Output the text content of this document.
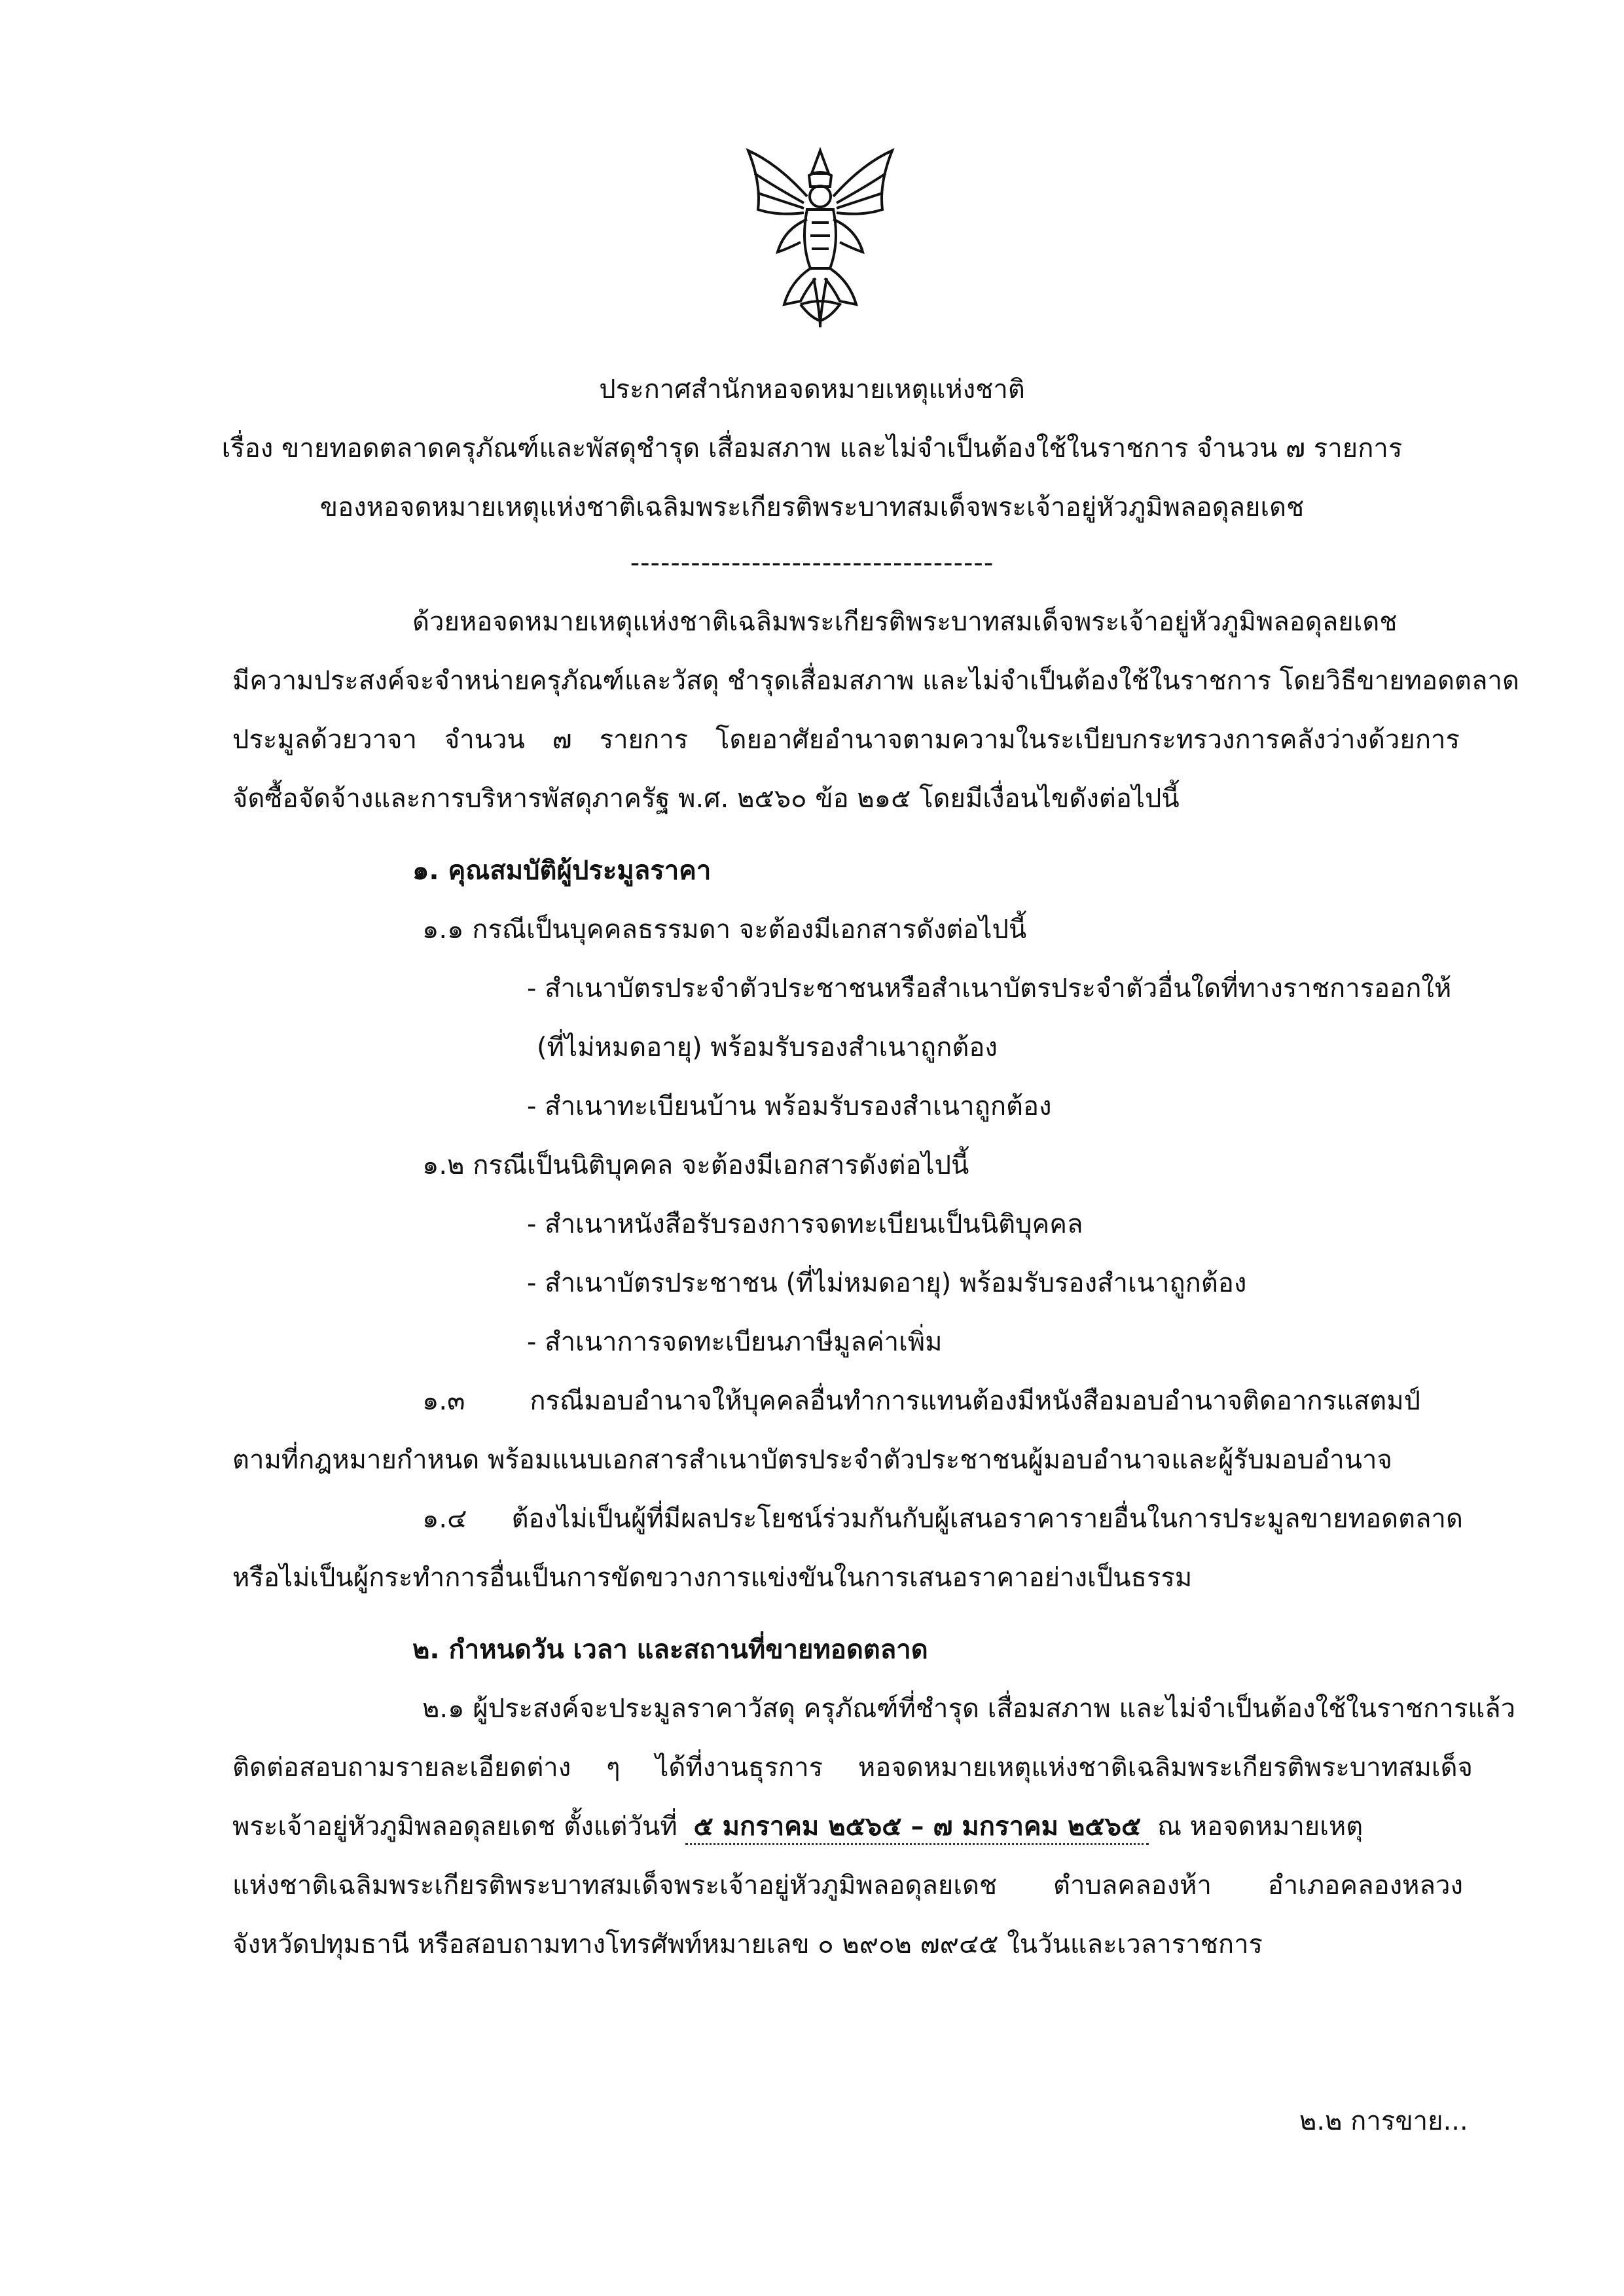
ประกาศสำนักหอจดหมายเหตุแห่งชาติ
เรื่อง ขายทอดตลาดครุภัณฑ์และพัสดุชำรุด เสื่อมสภาพ และไม่จำเป็นต้องใช้ในราชการ จำนวน ๗ รายการ
ของหอจดหมายเหตุแห่งชาติเฉลิมพระเกียรติพระบาทสมเด็จพระเจ้าอยู่หัวภูมิพลอดุลยเดช
------------------------------------
ด้วยหอจดหมายเหตุแห่งชาติเฉลิมพระเกียรติพระบาทสมเด็จพระเจ้าอยู่หัวภูมิพลอดุลยเดช
มีความประสงค์จะจำหน่ายครุภัณฑ์และวัสดุ ชำรุดเสื่อมสภาพ และไม่จำเป็นต้องใช้ในราชการ โดยวิธีขายทอดตลาด
ประมูลด้วยวาจา จำนวน ๗ รายการ โดยอาศัยอำนาจตามความในระเบียบกระทรวงการคลังว่างด้วยการ
จัดซื้อจัดจ้างและการบริหารพัสดุภาครัฐ พ.ศ. ๒๕๖๐ ข้อ ๒๑๕ โดยมีเงื่อนไขดังต่อไปนี้
๑. คุณสมบัติผู้ประมูลราคา
๑.๑ กรณีเป็นบุคคลธรรมดา จะต้องมีเอกสารดังต่อไปนี้
- สำเนาบัตรประจำตัวประชาชนหรือสำเนาบัตรประจำตัวอื่นใดที่ทางราชการออกให้
(ที่ไม่หมดอายุ) พร้อมรับรองสำเนาถูกต้อง
- สำเนาทะเบียนบ้าน พร้อมรับรองสำเนาถูกต้อง
๑.๒ กรณีเป็นนิติบุคคล จะต้องมีเอกสารดังต่อไปนี้
- สำเนาหนังสือรับรองการจดทะเบียนเป็นนิติบุคคล
- สำเนาบัตรประชาชน (ที่ไม่หมดอายุ) พร้อมรับรองสำเนาถูกต้อง
- สำเนาการจดทะเบียนภาษีมูลค่าเพิ่ม
๑.๓ กรณีมอบอำนาจให้บุคคลอื่นทำการแทนต้องมีหนังสือมอบอำนาจติดอากรแสตมป์
ตามที่กฎหมายกำหนด พร้อมแนบเอกสารสำเนาบัตรประจำตัวประชาชนผู้มอบอำนาจและผู้รับมอบอำนาจ
๑.๔ ต้องไม่เป็นผู้ที่มีผลประโยชน์ร่วมกันกับผู้เสนอราคารายอื่นในการประมูลขายทอดตลาด
หรือไม่เป็นผู้กระทำการอื่นเป็นการขัดขวางการแข่งขันในการเสนอราคาอย่างเป็นธรรม
๒. กำหนดวัน เวลา และสถานที่ขายทอดตลาด
๒.๑ ผู้ประสงค์จะประมูลราคาวัสดุ ครุภัณฑ์ที่ชำรุด เสื่อมสภาพ และไม่จำเป็นต้องใช้ในราชการแล้ว
ติดต่อสอบถามรายละเอียดต่าง ๆ ได้ที่งานธุรการ หอจดหมายเหตุแห่งชาติเฉลิมพระเกียรติพระบาทสมเด็จ
พระเจ้าอยู่หัวภูมิพลอดุลยเดช ตั้งแต่วันที่ ๕ มกราคม ๒๕๖๕ – ๗ มกราคม ๒๕๖๕ ณ หอจดหมายเหตุ
แห่งชาติเฉลิมพระเกียรติพระบาทสมเด็จพระเจ้าอยู่หัวภูมิพลอดุลยเดช ตำบลคลองห้า อำเภอคลองหลวง
จังหวัดปทุมธานี หรือสอบถามทางโทรศัพท์หมายเลข ๐ ๒๙๐๒ ๗๙๔๕ ในวันและเวลาราชการ
๒.๒ การขาย...
